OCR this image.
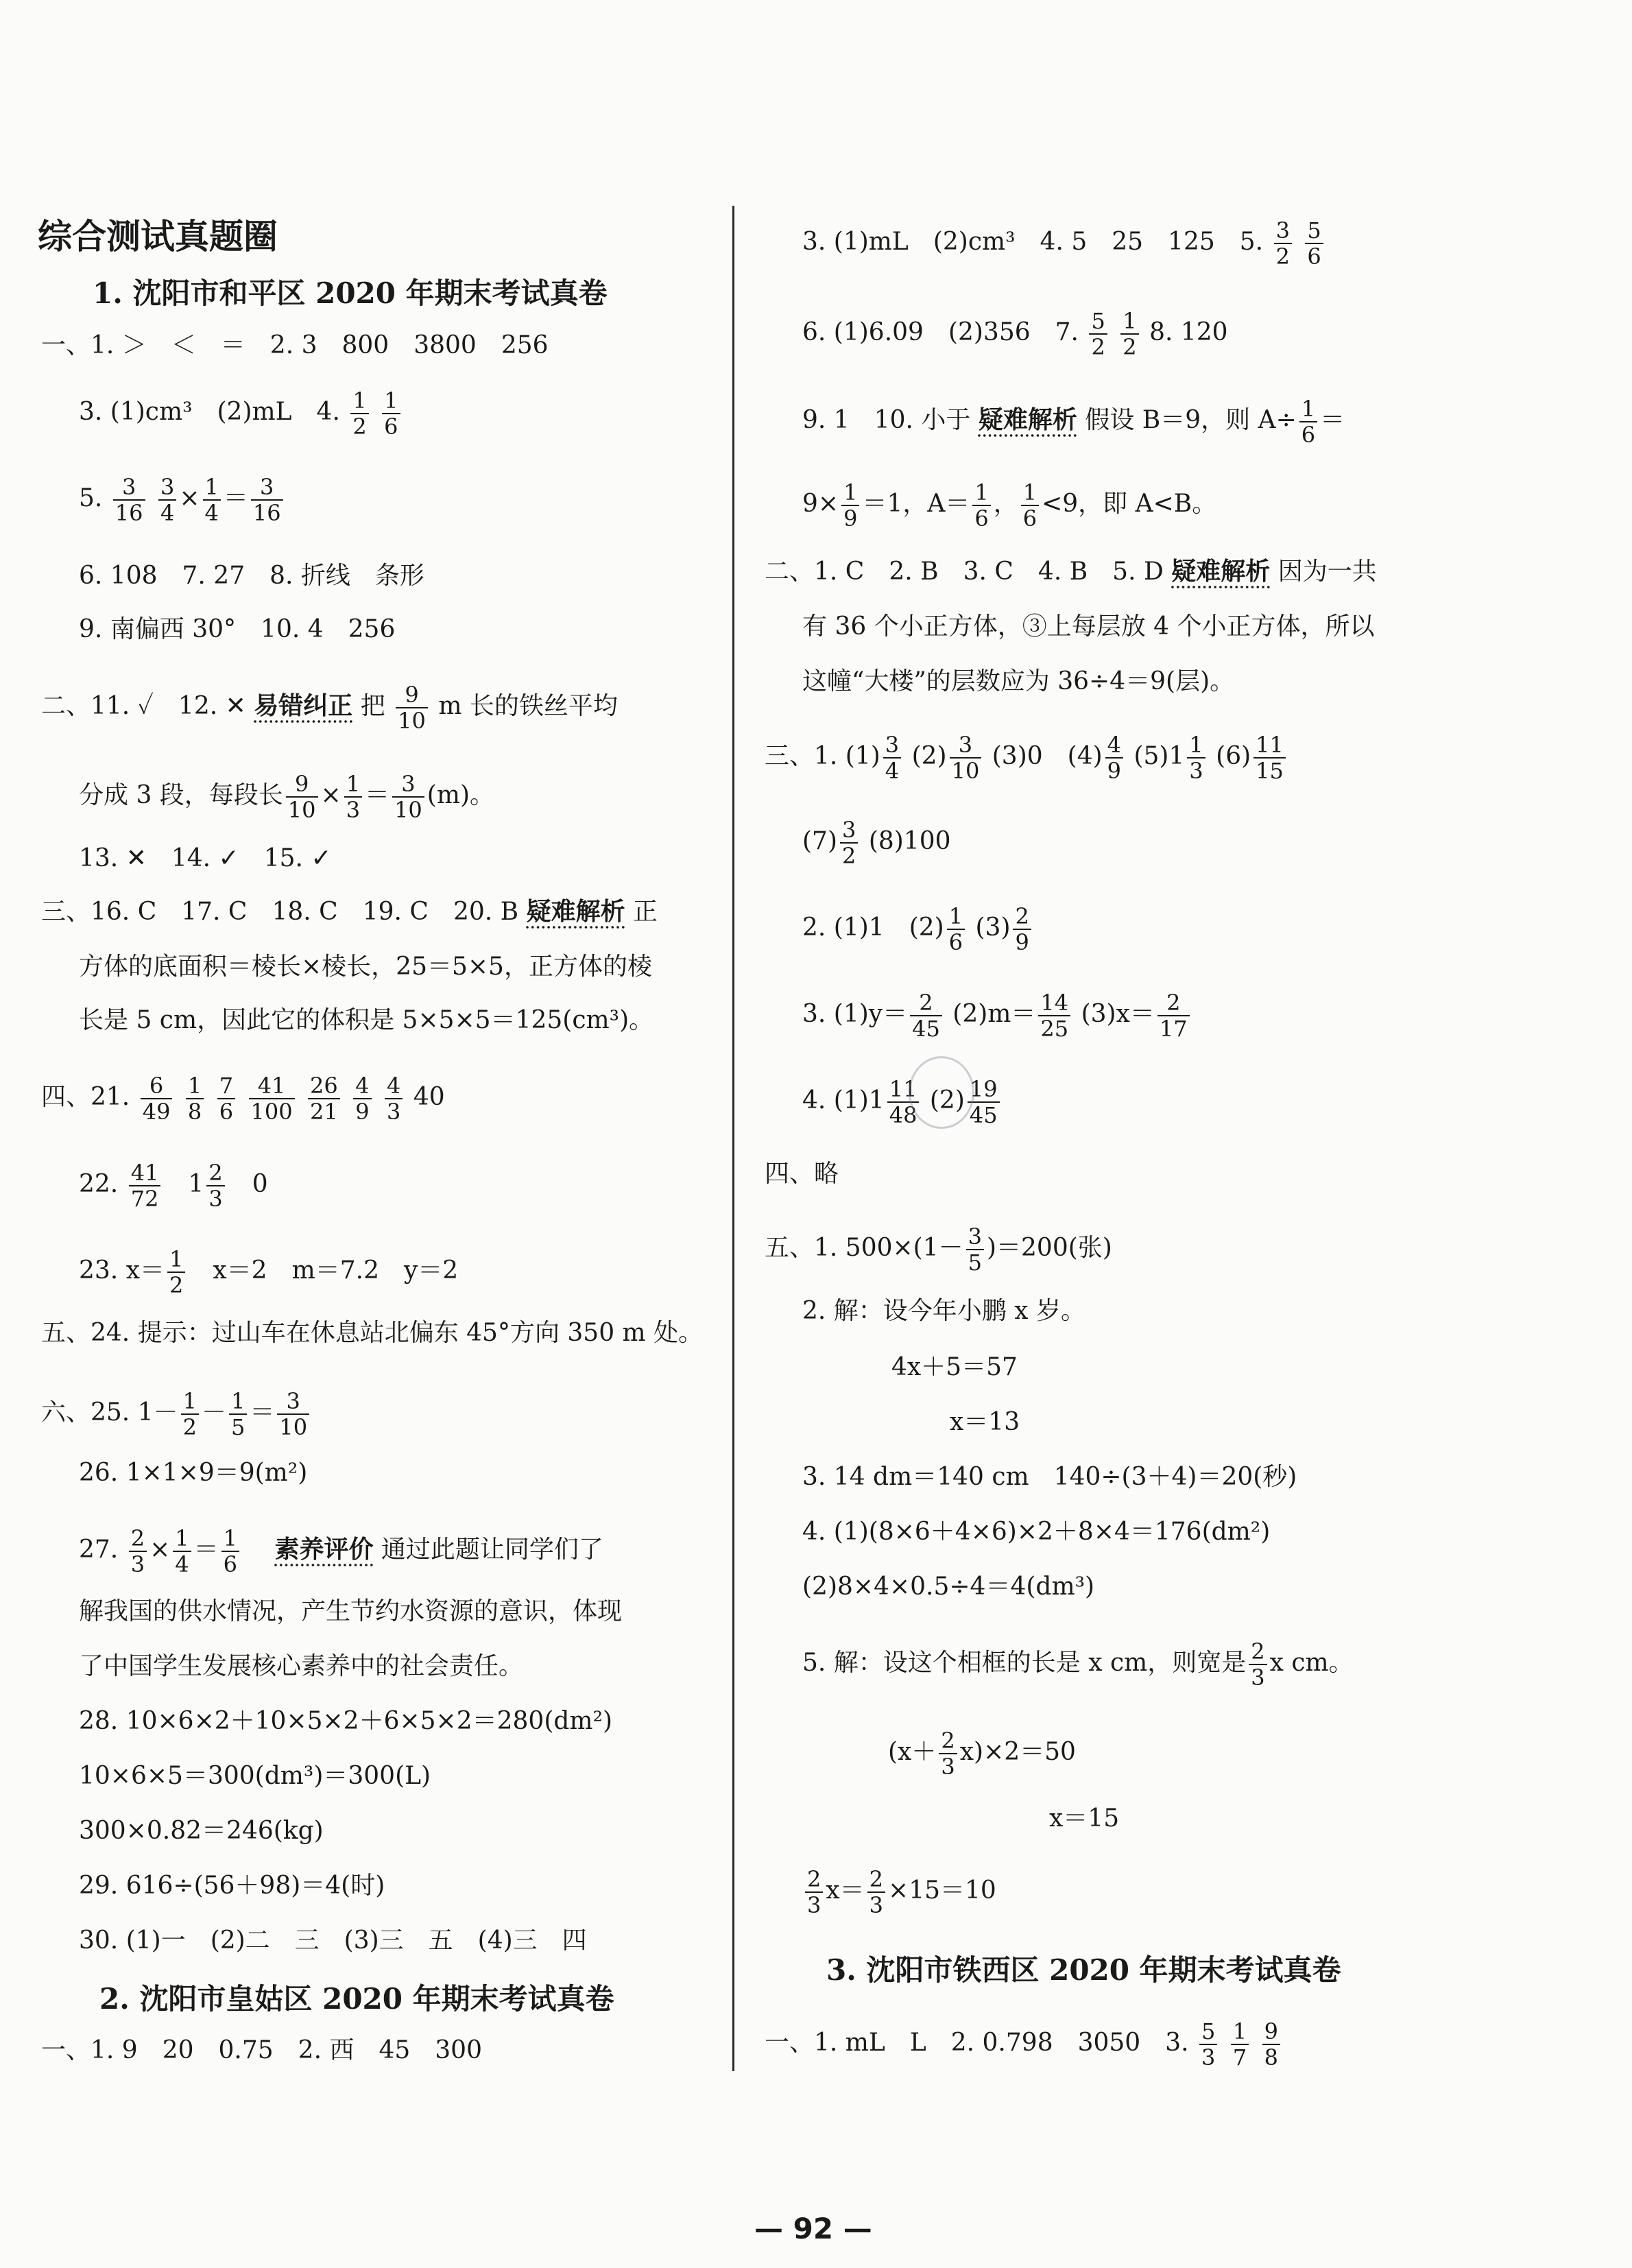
综合测试真题圈
1. 沈阳市和平区 2020 年期末考试真卷
一、1. ＞　＜　＝　2. 3　800　3800　256
3. (1)cm³　(2)mL　4. $\frac{1}{2}$
$\frac{1}{6}$
5. $\frac{3}{16}$
$\frac{3}{4} \times \frac{1}{4} = \frac{3}{16}$
6. 108　7. 27　8. 折线　条形
9. 南偏西 30°　10. 4　256
二、11. ✓　12. ✕ 易错纠正 把 $\frac{9}{10}$ m 长的铁丝平均
分成 3 段，每段长 $\frac{9}{10} \times \frac{1}{3} = \frac{3}{10} (m)$。
13. ✕　14. ✓　15. ✓
三、16. C　17. C　18. C　19. C　20. B 疑难解析 正
方体的底面积＝棱长×棱长，25＝5×5，正方体的棱
长是 5 cm，因此它的体积是 5×5×5＝125(cm³)。
四、21. $\frac{6}{49}$
$\frac{1}{8}$
$\frac{7}{6}$
$\frac{41}{100}$
$\frac{26}{21}$
$\frac{4}{9}$
$\frac{4}{3} 40$
22. $\frac{41}{72}$ 　$1 \frac{2}{3}$ 　0
23. $x= \frac{1}{2}$
　 x＝2　m＝7.2　y＝2
五、24. 提示：过山车在休息站北偏东 45°方向 350 m 处。
六、25. $1- \frac{1}{2} - \frac{1}{5} = \frac{3}{10}$
26. 1×1×9＝9(m²)
27. $\frac{2}{3} \times \frac{1}{4} = \frac{1}{6}$
　 素养评价 通过此题让同学们了
解我国的供水情况，产生节约水资源的意识，体现
了中国学生发展核心素养中的社会责任。
28. 10×6×2＋10×5×2＋6×5×2＝280(dm²)
10×6×5＝300(dm³)＝300(L)
300×0.82＝246(kg)
29. 616÷(56＋98)＝4(时)
30. (1)一　(2)二　三　(3)三　五　(4)三　四
2. 沈阳市皇姑区 2020 年期末考试真卷
一、1. 9　20　0.75　2. 西　45　300
3. (1)mL　(2)cm³　4. 5　25　125　5. $\frac{3}{2}$
$\frac{5}{6}$
6. (1)6.09　(2)356　7. $\frac{5}{2}$
$\frac{1}{2} 8$. 120
9. 1　10. 小于 疑难解析 假设 B＝9，则 $A\div \frac{1}{6}$ ＝
$9\times \frac{1}{9} =1$，$A= \frac{1}{6}$ ， $\frac{1}{6} <9$，即 A<B。
二、1. C　2. B　3. C　4. B　5. D 疑难解析 因为一共
有 36 个小正方体，③上每层放 4 个小正方体，所以
这幢“大楼”的层数应为 36÷4＝9(层)。
三、1. $(1) \frac{3}{4} (2) \frac{3}{10} (3)0$　$(4) \frac{4}{9} (5)1 \frac{1}{3} (6) \frac{11}{15}$
$(7) \frac{3}{2} (8)100$
2. (1)1　$(2) \frac{1}{6} (3) \frac{2}{9}$
3. $(1)y= \frac{2}{45} (2)m= \frac{14}{25} (3)x= \frac{2}{17}$
4. $(1)1 \frac{11}{48} (2) \frac{19}{45}$
四、略
五、1. $500\times(1- \frac{3}{5} )=200$(张)
2. 解：设今年小鹏 x 岁。
4x＋5＝57
x＝13
3. 14 dm＝140 cm　140÷(3＋4)＝20(秒)
4. (1)(8×6＋4×6)×2＋8×4＝176(dm²)
(2)8×4×0.5÷4＝4(dm³)
5. 解：设这个相框的长是 x cm，则宽是 $\frac{2}{3}$ x cm。
$(x+ \frac{2}{3} x)\times 2=50$
x＝15
$\frac{2}{3} x= \frac{2}{3} \times 15=10$
3. 沈阳市铁西区 2020 年期末考试真卷
一、1. mL　L　2. 0.798　3050　3. $\frac{5}{3}$
$\frac{1}{7}$
$\frac{9}{8}$
— 92 —
